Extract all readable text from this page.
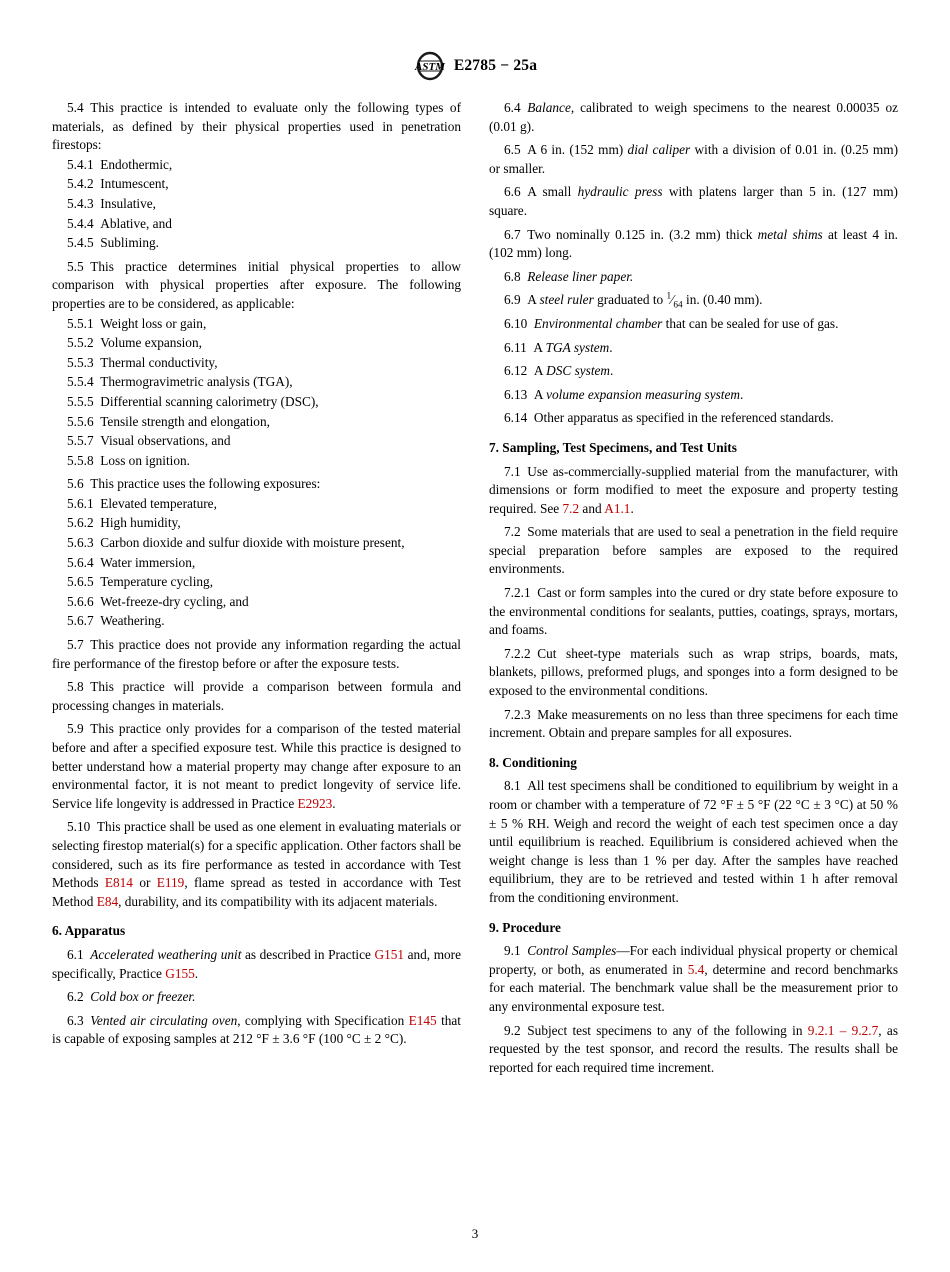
ASTM E2785 − 25a
5.4 This practice is intended to evaluate only the following types of materials, as defined by their physical properties used in penetration firestops:
5.4.1 Endothermic,
5.4.2 Intumescent,
5.4.3 Insulative,
5.4.4 Ablative, and
5.4.5 Subliming.
5.5 This practice determines initial physical properties to allow comparison with physical properties after exposure. The following properties are to be considered, as applicable:
5.5.1 Weight loss or gain,
5.5.2 Volume expansion,
5.5.3 Thermal conductivity,
5.5.4 Thermogravimetric analysis (TGA),
5.5.5 Differential scanning calorimetry (DSC),
5.5.6 Tensile strength and elongation,
5.5.7 Visual observations, and
5.5.8 Loss on ignition.
5.6 This practice uses the following exposures:
5.6.1 Elevated temperature,
5.6.2 High humidity,
5.6.3 Carbon dioxide and sulfur dioxide with moisture present,
5.6.4 Water immersion,
5.6.5 Temperature cycling,
5.6.6 Wet-freeze-dry cycling, and
5.6.7 Weathering.
5.7 This practice does not provide any information regarding the actual fire performance of the firestop before or after the exposure tests.
5.8 This practice will provide a comparison between formula and processing changes in materials.
5.9 This practice only provides for a comparison of the tested material before and after a specified exposure test. While this practice is designed to better understand how a material property may change after exposure to an environmental factor, it is not meant to predict longevity of service life. Service life longevity is addressed in Practice E2923.
5.10 This practice shall be used as one element in evaluating materials or selecting firestop material(s) for a specific application. Other factors shall be considered, such as its fire performance as tested in accordance with Test Methods E814 or E119, flame spread as tested in accordance with Test Method E84, durability, and its compatibility with its adjacent materials.
6. Apparatus
6.1 Accelerated weathering unit as described in Practice G151 and, more specifically, Practice G155.
6.2 Cold box or freezer.
6.3 Vented air circulating oven, complying with Specification E145 that is capable of exposing samples at 212 °F ± 3.6 °F (100 °C ± 2 °C).
6.4 Balance, calibrated to weigh specimens to the nearest 0.00035 oz (0.01 g).
6.5 A 6 in. (152 mm) dial caliper with a division of 0.01 in. (0.25 mm) or smaller.
6.6 A small hydraulic press with platens larger than 5 in. (127 mm) square.
6.7 Two nominally 0.125 in. (3.2 mm) thick metal shims at least 4 in. (102 mm) long.
6.8 Release liner paper.
6.9 A steel ruler graduated to $^1⁄_{64}$ in. (0.40 mm).
6.10 Environmental chamber that can be sealed for use of gas.
6.11 A TGA system.
6.12 A DSC system.
6.13 A volume expansion measuring system.
6.14 Other apparatus as specified in the referenced standards.
7. Sampling, Test Specimens, and Test Units
7.1 Use as-commercially-supplied material from the manufacturer, with dimensions or form modified to meet the exposure and property testing required. See 7.2 and A1.1.
7.2 Some materials that are used to seal a penetration in the field require special preparation before samples are exposed to the required environments.
7.2.1 Cast or form samples into the cured or dry state before exposure to the environmental conditions for sealants, putties, coatings, sprays, mortars, and foams.
7.2.2 Cut sheet-type materials such as wrap strips, boards, mats, blankets, pillows, preformed plugs, and sponges into a form designed to be exposed to the environmental conditions.
7.2.3 Make measurements on no less than three specimens for each time increment. Obtain and prepare samples for all exposures.
8. Conditioning
8.1 All test specimens shall be conditioned to equilibrium by weight in a room or chamber with a temperature of 72 °F ± 5 °F (22 °C ± 3 °C) at 50 % ± 5 % RH. Weigh and record the weight of each test specimen once a day until equilibrium is reached. Equilibrium is considered achieved when the weight change is less than 1 % per day. After the samples have reached equilibrium, they are to be retrieved and tested within 1 h after removal from the conditioning environment.
9. Procedure
9.1 Control Samples—For each individual physical property or chemical property, or both, as enumerated in 5.4, determine and record benchmarks for each material. The benchmark value shall be the measurement prior to any environmental exposure test.
9.2 Subject test specimens to any of the following in 9.2.1 – 9.2.7, as requested by the test sponsor, and record the results. The results shall be reported for each required time increment.
3
